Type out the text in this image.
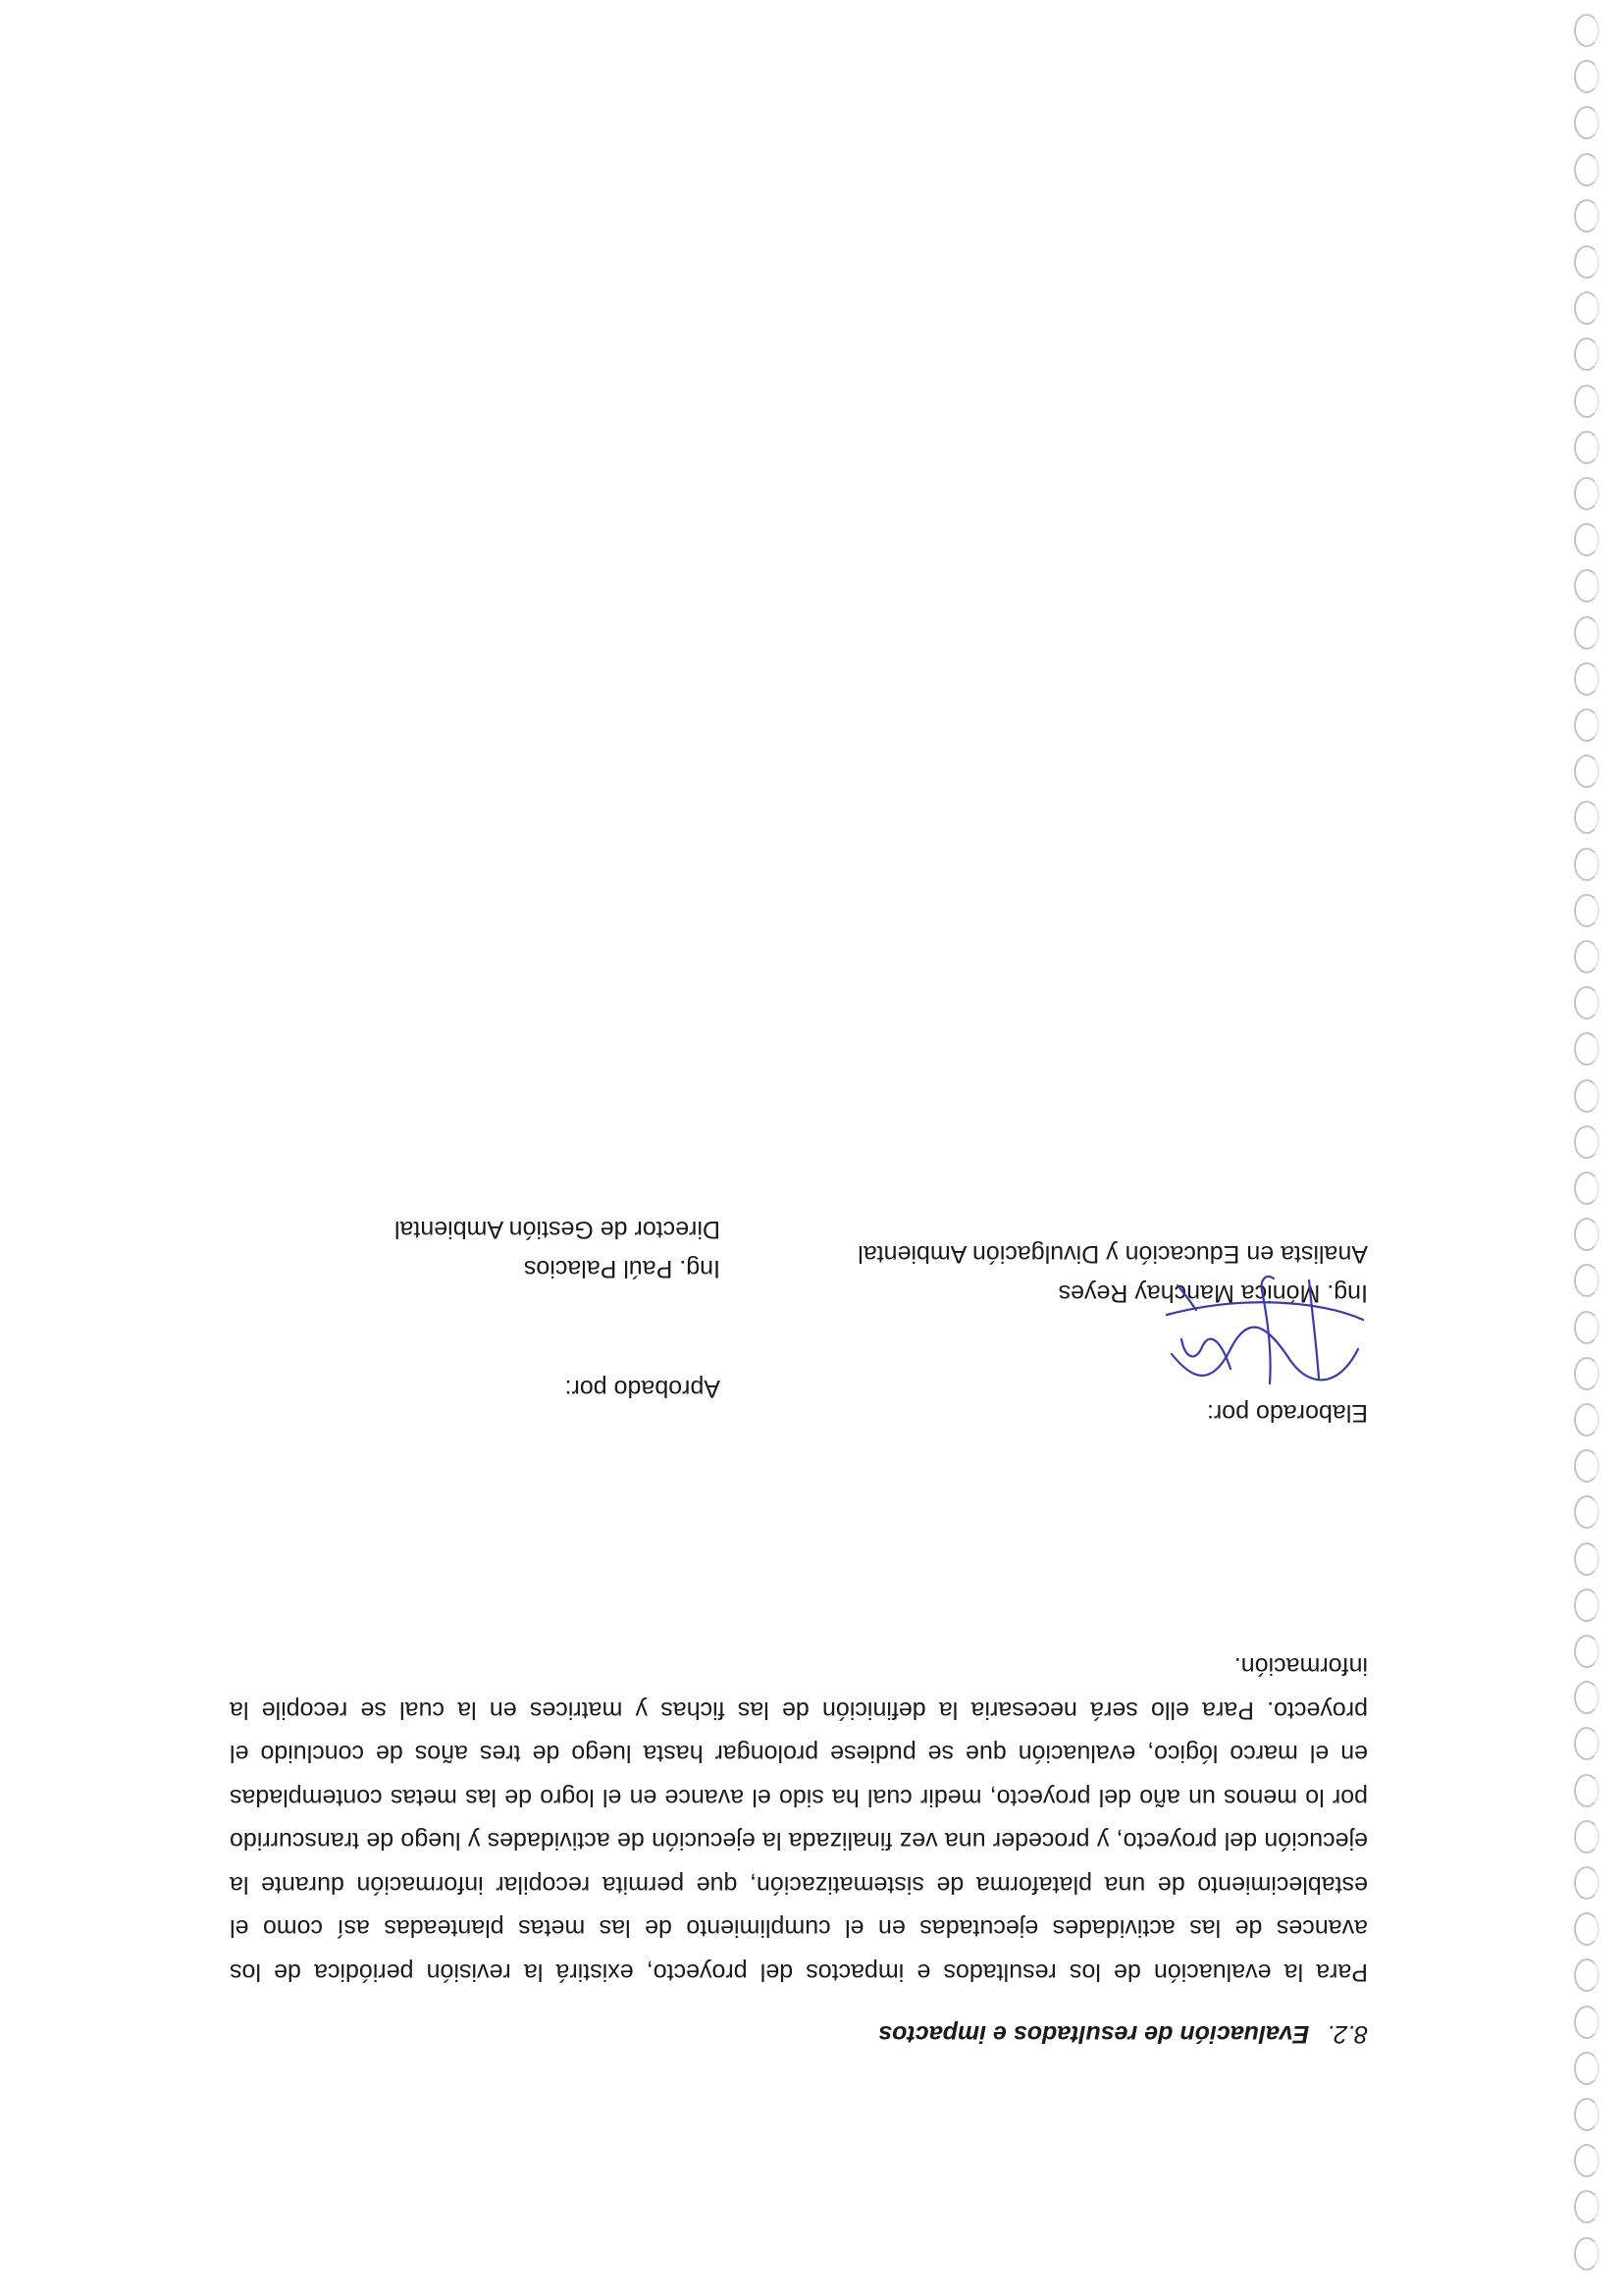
8.2.Evaluación de resultados e impactos
Para la evaluación de los resultados e impactos del proyecto, existirá la revisión periódica de los avances de las actividades ejecutadas en el cumplimiento de las metas planteadas así como el establecimiento de una plataforma de sistematización, que permita recopilar información durante la ejecución del proyecto, y proceder una vez finalizada la ejecución de actividades y luego de transcurrido por lo menos un año del proyecto, medir cual ha sido el avance en el logro de las metas contempladas en el marco lógico, evaluación que se pudiese prolongar hasta luego de tres años de concluido el proyecto. Para ello será necesaria la definición de las fichas y matrices en la cual se recopile la información.
Elaborado por:
Ing. Mónica Manchay Reyes
Analista en Educación y Divulgación Ambiental
Aprobado por:
Ing. Paúl Palacios
Director de Gestión Ambiental
